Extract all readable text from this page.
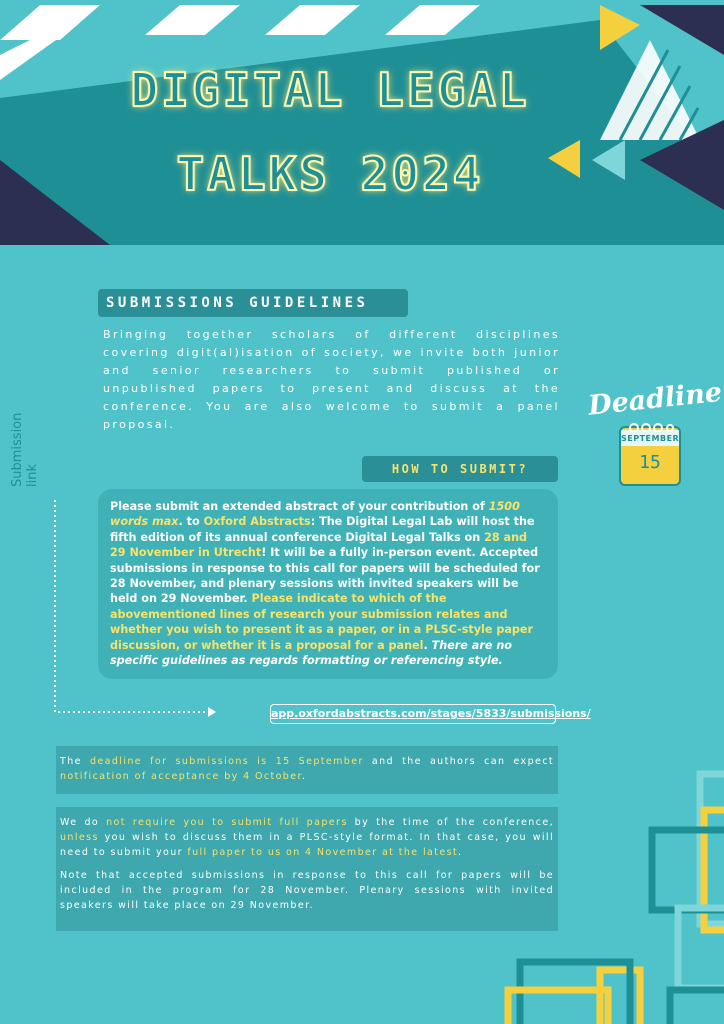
DIGITAL LEGAL
TALKS 2024
SUBMISSIONS GUIDELINES

Bringing together scholars of different disciplines covering digit(al)isation of society, we invite both junior and senior researchers to submit published or unpublished papers to present and discuss at the conference. You are also welcome to submit a panel proposal.

Deadline
SEPTEMBER
15
Submission link	HOW TO SUBMIT?
Please submit an extended abstract of your contribution of 1500 words max. to Oxford Abstracts: The Digital Legal Lab will host the fifth edition of its annual conference Digital Legal Talks on 28 and 29 November in Utrecht! It will be a fully in-person event. Accepted submissions in response to this call for papers will be scheduled for 28 November, and plenary sessions with invited speakers will be held on 29 November. Please indicate to which of the abovementioned lines of research your submission relates and whether you wish to present it as a paper, or in a PLSC-style paper discussion, or whether it is a proposal for a panel. There are no specific guidelines as regards formatting or referencing style.
app.oxfordabstracts.com/stages/5833/submissions/
The deadline for submissions is 15 September and the authors can expect notification of acceptance by 4 October.

We do not require you to submit full papers by the time of the conference, unless you wish to discuss them in a PLSC-style format. In that case, you will need to submit your full paper to us on 4 November at the latest.

Note that accepted submissions in response to this call for papers will be included in the program for 28 November. Plenary sessions with invited speakers will take place on 29 November.
